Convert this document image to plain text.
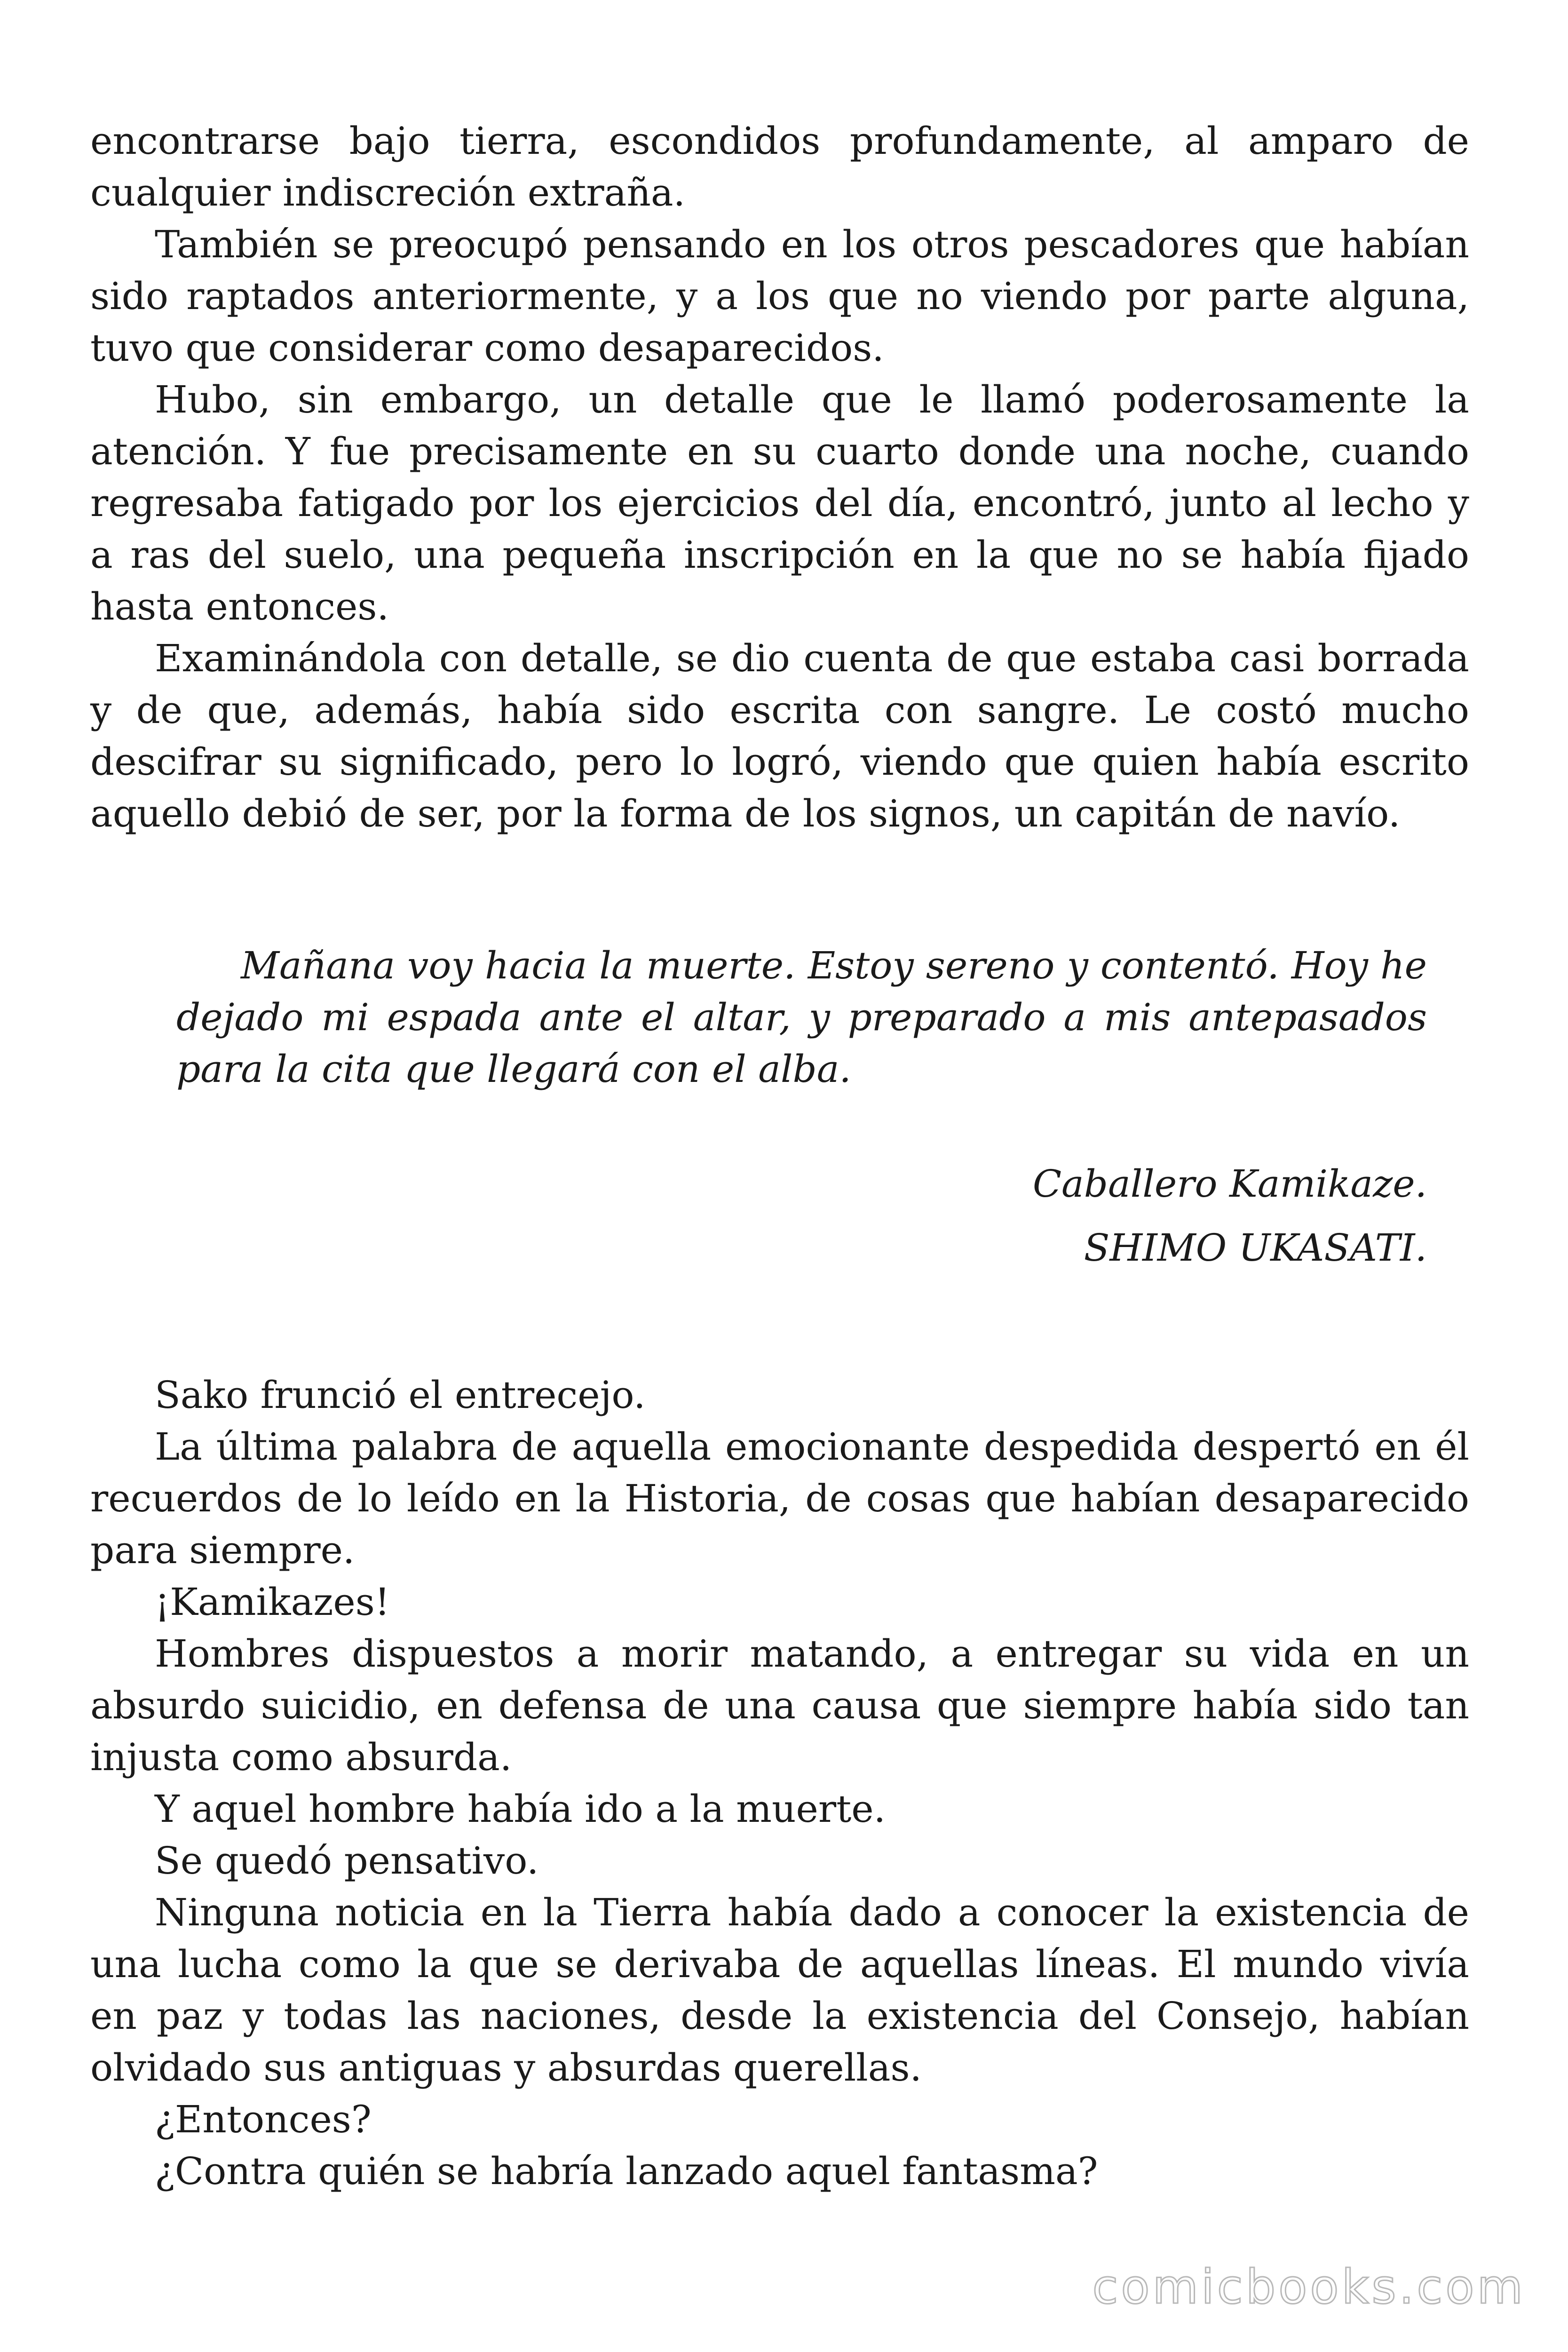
encontrarse bajo tierra, escondidos profundamente, al amparo de cualquier indiscreción extraña.

También se preocupó pensando en los otros pescadores que habían sido raptados anteriormente, y a los que no viendo por parte alguna, tuvo que considerar como desaparecidos.

Hubo, sin embargo, un detalle que le llamó poderosamente la atención. Y fue precisamente en su cuarto donde una noche, cuando regresaba fatigado por los ejercicios del día, encontró, junto al lecho y a ras del suelo, una pequeña inscripción en la que no se había fijado hasta entonces.

Examinándola con detalle, se dio cuenta de que estaba casi borrada y de que, además, había sido escrita con sangre. Le costó mucho descifrar su significado, pero lo logró, viendo que quien había escrito aquello debió de ser, por la forma de los signos, un capitán de navío.

Mañana voy hacia la muerte. Estoy sereno y contentó. Hoy he dejado mi espada ante el altar, y preparado a mis antepasados para la cita que llegará con el alba.

Caballero Kamikaze.
SHIMO UKASATI.

Sako frunció el entrecejo.

La última palabra de aquella emocionante despedida despertó en él recuerdos de lo leído en la Historia, de cosas que habían desaparecido para siempre.

¡Kamikazes!

Hombres dispuestos a morir matando, a entregar su vida en un absurdo suicidio, en defensa de una causa que siempre había sido tan injusta como absurda.

Y aquel hombre había ido a la muerte.

Se quedó pensativo.

Ninguna noticia en la Tierra había dado a conocer la existencia de una lucha como la que se derivaba de aquellas líneas. El mundo vivía en paz y todas las naciones, desde la existencia del Consejo, habían olvidado sus antiguas y absurdas querellas.

¿Entonces?

¿Contra quién se habría lanzado aquel fantasma?

comicbooks.com
